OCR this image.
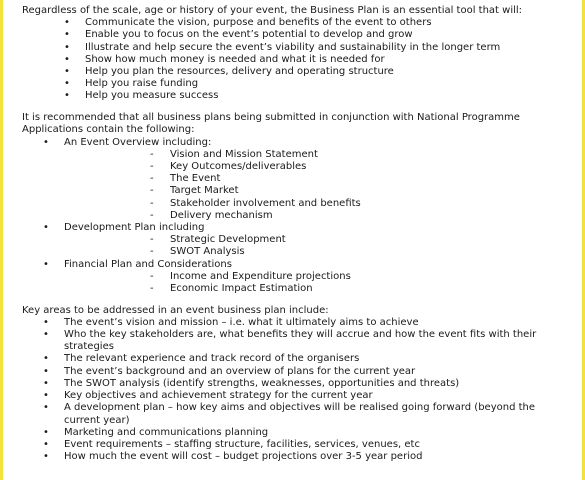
Regardless of the scale, age or history of your event, the Business Plan is an essential tool that will:

• Communicate the vision, purpose and benefits of the event to others
• Enable you to focus on the event’s potential to develop and grow
• Illustrate and help secure the event’s viability and sustainability in the longer term
• Show how much money is needed and what it is needed for
• Help you plan the resources, delivery and operating structure
• Help you raise funding
• Help you measure success

It is recommended that all business plans being submitted in conjunction with National Programme Applications contain the following:

• An Event Overview including:
- Vision and Mission Statement
- Key Outcomes/deliverables
- The Event
- Target Market
- Stakeholder involvement and benefits
- Delivery mechanism
• Development Plan including
- Strategic Development
- SWOT Analysis
• Financial Plan and Considerations
- Income and Expenditure projections
- Economic Impact Estimation

Key areas to be addressed in an event business plan include:

• The event’s vision and mission – i.e. what it ultimately aims to achieve
• Who the key stakeholders are, what benefits they will accrue and how the event fits with their strategies
• The relevant experience and track record of the organisers
• The event’s background and an overview of plans for the current year
• The SWOT analysis (identify strengths, weaknesses, opportunities and threats)
• Key objectives and achievement strategy for the current year
• A development plan – how key aims and objectives will be realised going forward (beyond the current year)
• Marketing and communications planning
• Event requirements – staffing structure, facilities, services, venues, etc
• How much the event will cost – budget projections over 3-5 year period
